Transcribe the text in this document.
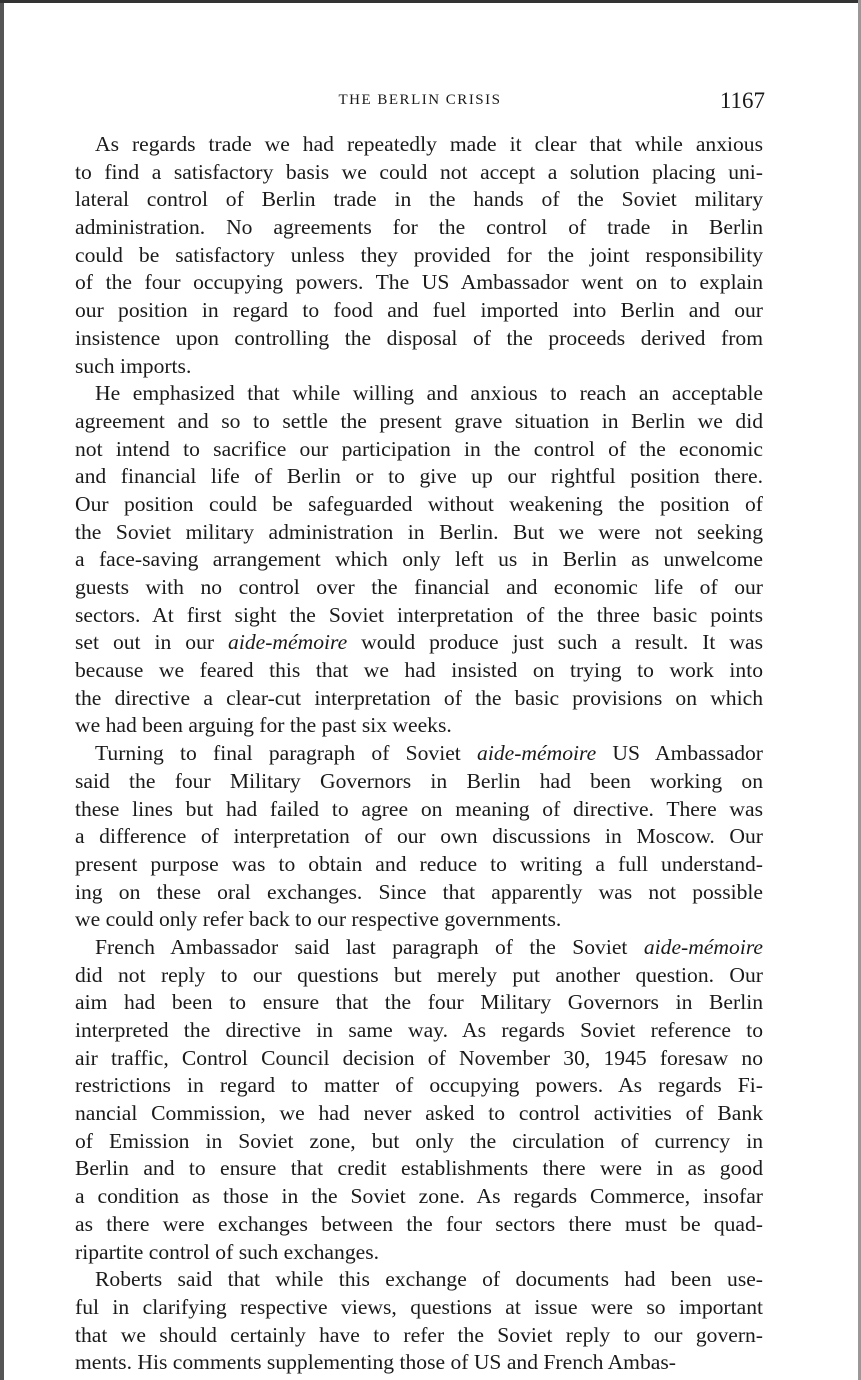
THE BERLIN CRISIS	1167
As regards trade we had repeatedly made it clear that while anxious
to find a satisfactory basis we could not accept a solution placing uni-
lateral control of Berlin trade in the hands of the Soviet military
administration. No agreements for the control of trade in Berlin
could be satisfactory unless they provided for the joint responsibility
of the four occupying powers. The US Ambassador went on to explain
our position in regard to food and fuel imported into Berlin and our
insistence upon controlling the disposal of the proceeds derived from
such imports.
He emphasized that while willing and anxious to reach an acceptable
agreement and so to settle the present grave situation in Berlin we did
not intend to sacrifice our participation in the control of the economic
and financial life of Berlin or to give up our rightful position there.
Our position could be safeguarded without weakening the position of
the Soviet military administration in Berlin. But we were not seeking
a face-saving arrangement which only left us in Berlin as unwelcome
guests with no control over the financial and economic life of our
sectors. At first sight the Soviet interpretation of the three basic points
set out in our aide-mémoire would produce just such a result. It was
because we feared this that we had insisted on trying to work into
the directive a clear-cut interpretation of the basic provisions on which
we had been arguing for the past six weeks.
Turning to final paragraph of Soviet aide-mémoire US Ambassador
said the four Military Governors in Berlin had been working on
these lines but had failed to agree on meaning of directive. There was
a difference of interpretation of our own discussions in Moscow. Our
present purpose was to obtain and reduce to writing a full understand-
ing on these oral exchanges. Since that apparently was not possible
we could only refer back to our respective governments.
French Ambassador said last paragraph of the Soviet aide-mémoire
did not reply to our questions but merely put another question. Our
aim had been to ensure that the four Military Governors in Berlin
interpreted the directive in same way. As regards Soviet reference to
air traffic, Control Council decision of November 30, 1945 foresaw no
restrictions in regard to matter of occupying powers. As regards Fi-
nancial Commission, we had never asked to control activities of Bank
of Emission in Soviet zone, but only the circulation of currency in
Berlin and to ensure that credit establishments there were in as good
a condition as those in the Soviet zone. As regards Commerce, insofar
as there were exchanges between the four sectors there must be quad-
ripartite control of such exchanges.
Roberts said that while this exchange of documents had been use-
ful in clarifying respective views, questions at issue were so important
that we should certainly have to refer the Soviet reply to our govern-
ments. His comments supplementing those of US and French Ambas-
